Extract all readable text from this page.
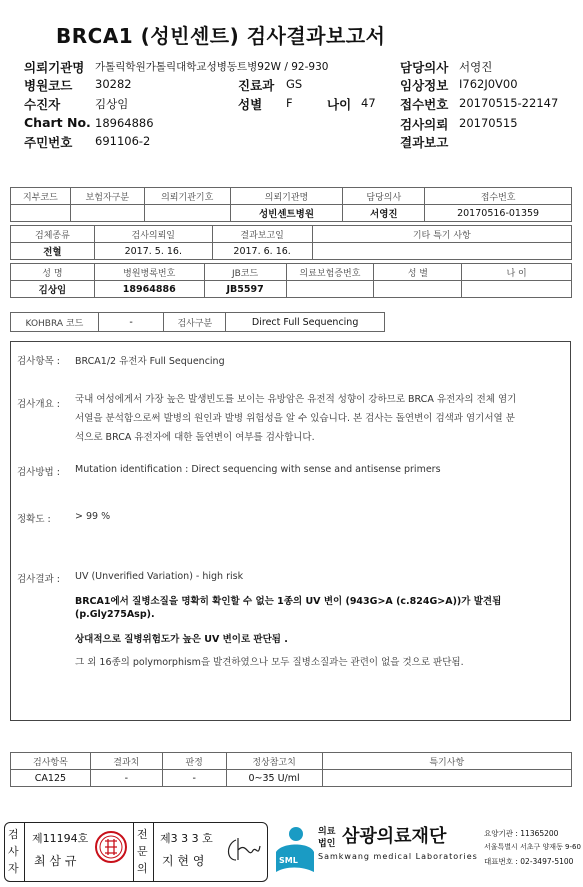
BRCA1 (성빈센트) 검사결과보고서
의뢰기관명 가톨릭학원가톨릭대학교성병동트병92W / 92-930
병원코드 30282
수진자	김상임
Chart No. 18964886
주민번호 691106-2
진료과 GS
성별 F	나이 47
담당의사 서영진
임상정보 I762J0V00
접수번호 20170515-22147
검사의뢰 20170515
결과보고
지부코드	보험자구분	의뢰기관기호	의뢰기관명	담당의사	접수번호
			성빈센트병원	서영진	20170516-01359
검체종류	검사의뢰일	결과보고일	기타 특기 사항
전혈	2017. 5. 16.	2017. 6. 16.	
성 명	병원병록번호	JB코드	의료보험증번호	성 별	나 이
김상임	18964886	JB5597			
KOHBRA 코드	-	검사구분	Direct Full Sequencing
검사항목 : BRCA1/2 유전자 Full Sequencing
검사개요 : 국내 여성에게서 가장 높은 발생빈도를 보이는 유방암은 유전적 성향이 강하므로 BRCA 유전자의 전체 염기
서열을 분석함으로써 발병의 원인과 발병 위험성을 알 수 있습니다. 본 검사는 돌연변이 검색과 염기서열 분
석으로 BRCA 유전자에 대한 돌연변이 여부를 검사합니다.
검사방법 : Mutation identification : Direct sequencing with sense and antisense primers
정확도 :	> 99 %
검사결과 : UV (Unverified Variation) - high risk
BRCA1에서 질병소질을 명확히 확인할 수 없는 1종의 UV 변이 (943G>A (c.824G>A))가 발견됨
(p.Gly275Asp).
상대적으로 질병위험도가 높은 UV 변이로 판단됨 .
그 외 16종의 polymorphism을 발견하였으나 모두 질병소질과는 관련이 없을 것으로 판단됨.
검사항목	결과치	판정	정상참고치	특기사항
CA125	-	-	0~35 U/ml	
검
사
자
제11194호
최 삼 규
전
문
의
제3 3 3 호
지 현 영	SML
의료
법인 삼광의료재단
Samkwang medical Laboratories
요양기관 : 11365200
서울특별시 서초구 양재동 9-60
대표번호 : 02-3497-5100
